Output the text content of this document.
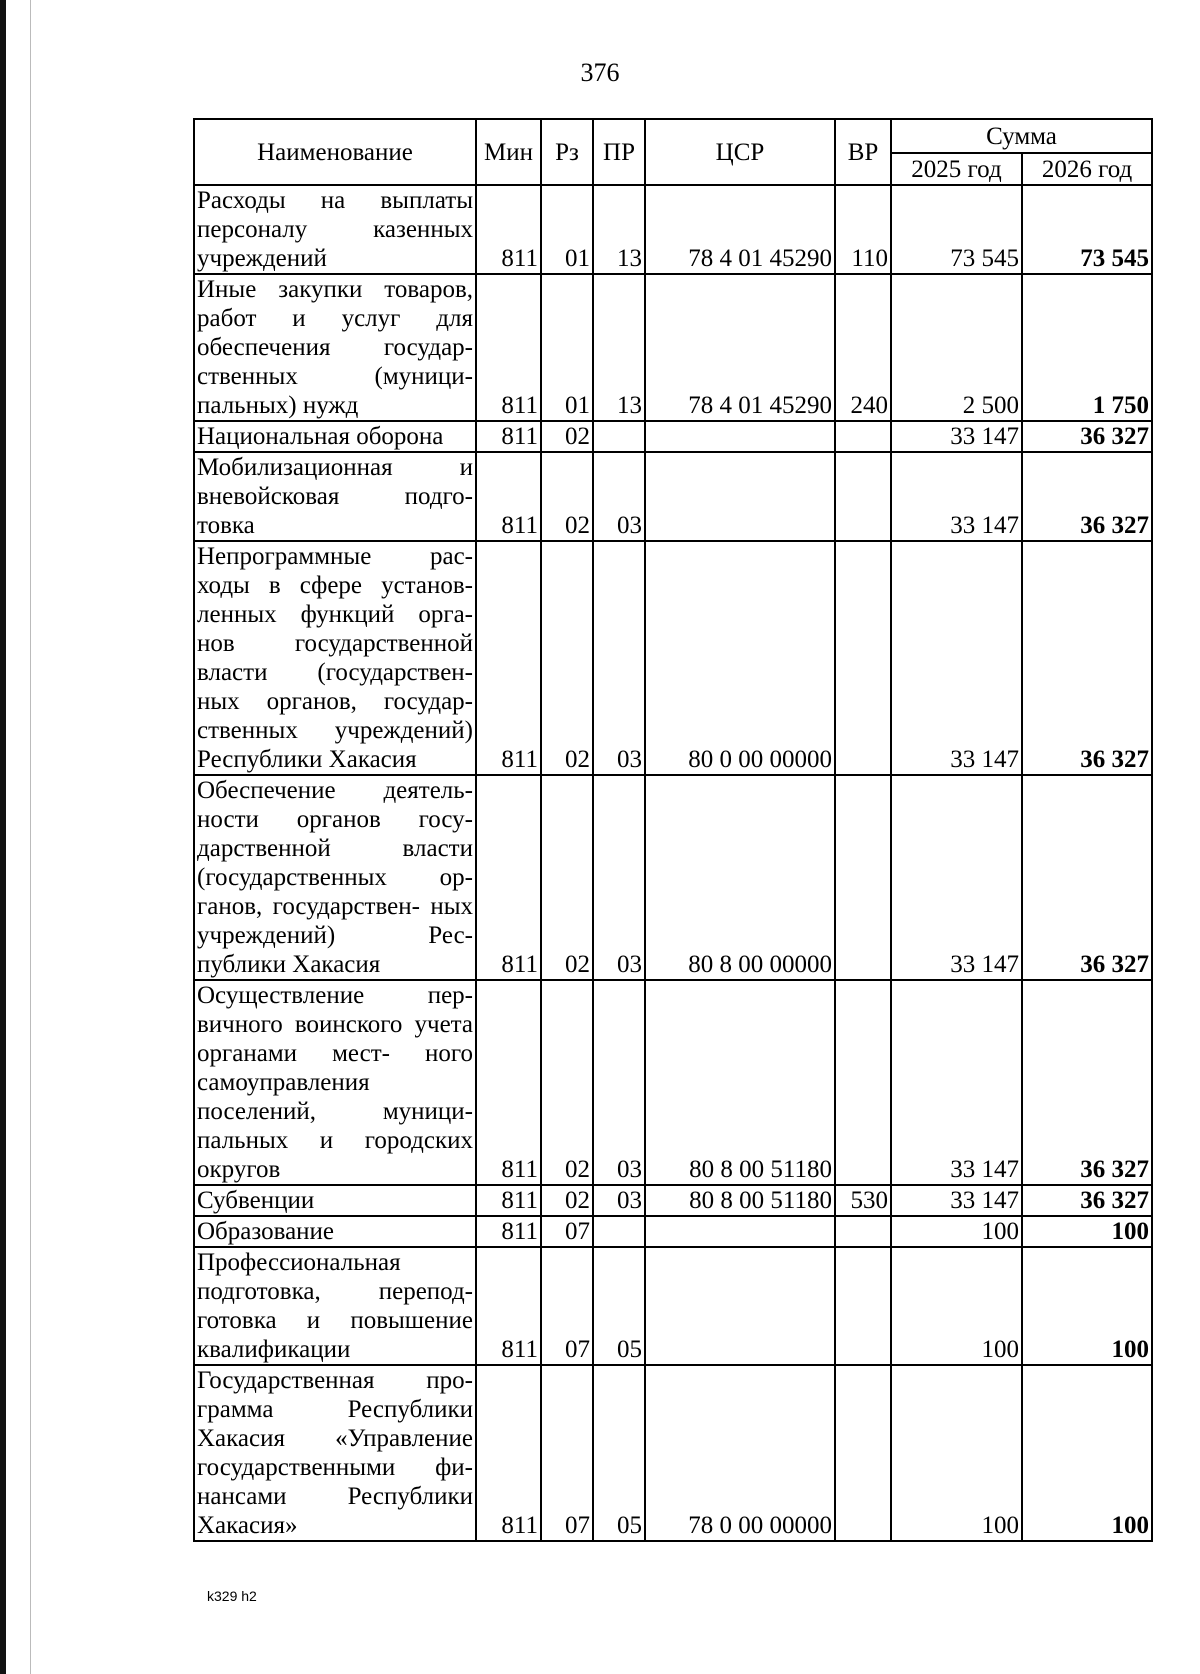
376
Наименование	Мин	Рз	ПР	ЦСР	ВР	Сумма	
						2025 год	2026 год
Расходы на выплаты персоналу казенных учреждений	811	01	13	78 4 01 45290	110	73 545	73 545
Иные закупки товаров, работ и услуг для обеспечения государ- ственных (муници- пальных) нужд	811	01	13	78 4 01 45290	240	2 500	1 750
Национальная оборона	811	02				33 147	36 327
Мобилизационная и вневойсковая подго- товка	811	02	03			33 147	36 327
Непрограммные рас- ходы в сфере установ- ленных функций орга- нов государственной власти (государствен- ных органов, государ- ственных учреждений) Республики Хакасия	811	02	03	80 0 00 00000		33 147	36 327
Обеспечение деятель- ности органов госу- дарственной власти (государственных ор- ганов, государствен- ных учреждений) Рес- публики Хакасия	811	02	03	80 8 00 00000		33 147	36 327
Осуществление пер- вичного воинского учета органами мест- ного самоуправления поселений, муници- пальных и городских округов	811	02	03	80 8 00 51180		33 147	36 327
Субвенции	811	02	03	80 8 00 51180	530	33 147	36 327
Образование	811	07				100	100
Профессиональная подготовка, перепод- готовка и повышение квалификации	811	07	05			100	100
Государственная про- грамма Республики Хакасия «Управление государственными фи- нансами Республики Хакасия»	811	07	05	78 0 00 00000		100	100
k329 h2
